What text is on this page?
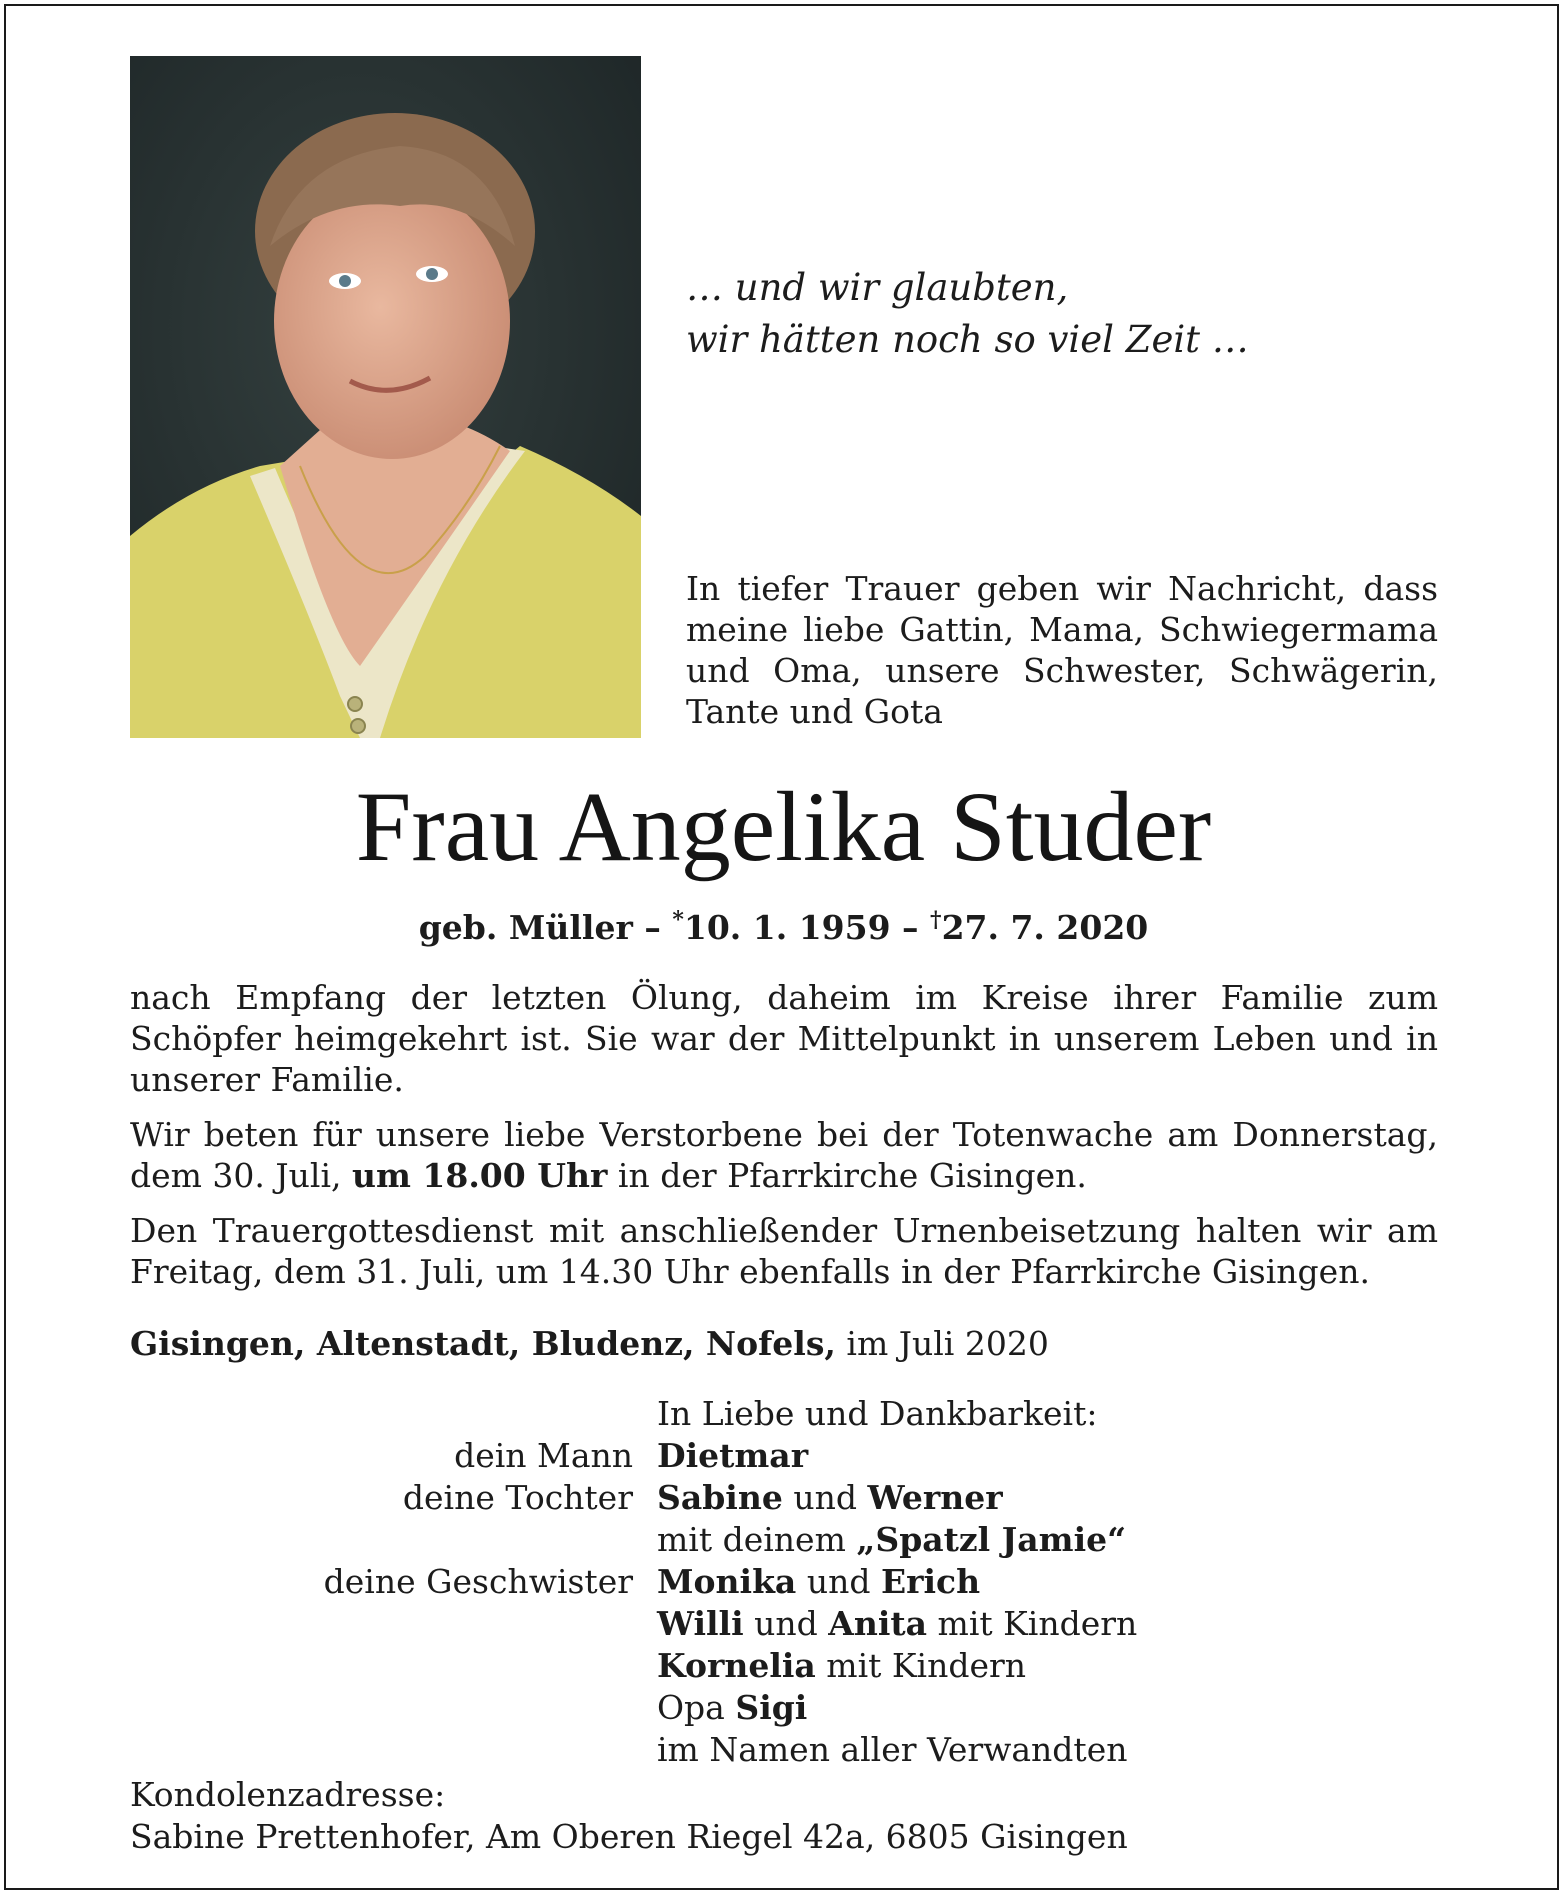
… und wir glaubten,
wir hätten noch so viel Zeit …
In tiefer Trauer geben wir Nachricht, dass meine liebe Gattin, Mama, Schwiegermama und Oma, unsere Schwester, Schwägerin, Tante und Gota
Frau Angelika Studer
geb. Müller – *10. 1. 1959 – †27. 7. 2020
nach Empfang der letzten Ölung, daheim im Kreise ihrer Familie zum Schöpfer heimgekehrt ist. Sie war der Mittelpunkt in unserem Leben und in unserer Familie.
Wir beten für unsere liebe Verstorbene bei der Totenwache am Donnerstag, dem 30. Juli, um 18.00 Uhr in der Pfarrkirche Gisingen.
Den Trauergottesdienst mit anschließender Urnenbeisetzung halten wir am Freitag, dem 31. Juli, um 14.30 Uhr ebenfalls in der Pfarrkirche Gisingen.
Gisingen, Altenstadt, Bludenz, Nofels, im Juli 2020
In Liebe und Dankbarkeit:
dein Mann Dietmar
deine Tochter Sabine und Werner
mit deinem „Spatzl Jamie“
deine Geschwister Monika und Erich
Willi und Anita mit Kindern
Kornelia mit Kindern
Opa Sigi
im Namen aller Verwandten
Kondolenzadresse:
Sabine Prettenhofer, Am Oberen Riegel 42a, 6805 Gisingen
